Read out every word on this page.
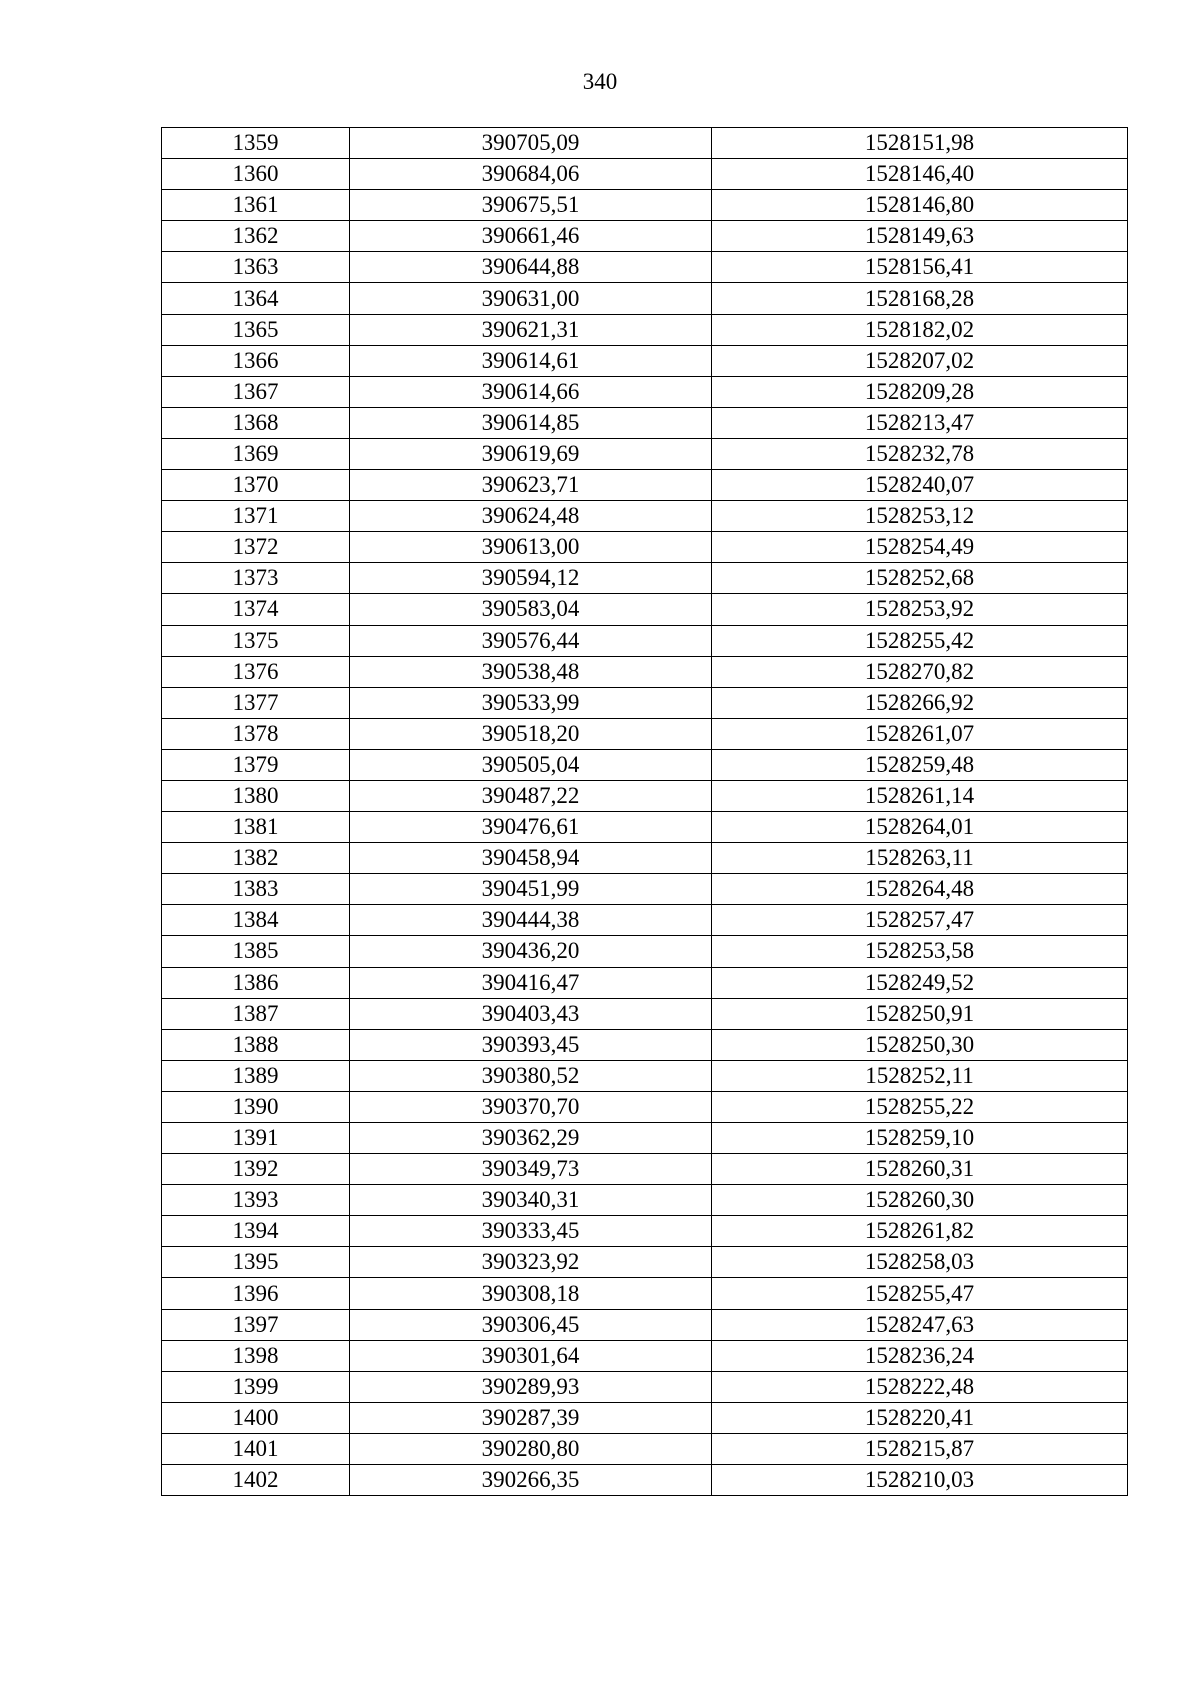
340
1359	390705,09	1528151,98
1360	390684,06	1528146,40
1361	390675,51	1528146,80
1362	390661,46	1528149,63
1363	390644,88	1528156,41
1364	390631,00	1528168,28
1365	390621,31	1528182,02
1366	390614,61	1528207,02
1367	390614,66	1528209,28
1368	390614,85	1528213,47
1369	390619,69	1528232,78
1370	390623,71	1528240,07
1371	390624,48	1528253,12
1372	390613,00	1528254,49
1373	390594,12	1528252,68
1374	390583,04	1528253,92
1375	390576,44	1528255,42
1376	390538,48	1528270,82
1377	390533,99	1528266,92
1378	390518,20	1528261,07
1379	390505,04	1528259,48
1380	390487,22	1528261,14
1381	390476,61	1528264,01
1382	390458,94	1528263,11
1383	390451,99	1528264,48
1384	390444,38	1528257,47
1385	390436,20	1528253,58
1386	390416,47	1528249,52
1387	390403,43	1528250,91
1388	390393,45	1528250,30
1389	390380,52	1528252,11
1390	390370,70	1528255,22
1391	390362,29	1528259,10
1392	390349,73	1528260,31
1393	390340,31	1528260,30
1394	390333,45	1528261,82
1395	390323,92	1528258,03
1396	390308,18	1528255,47
1397	390306,45	1528247,63
1398	390301,64	1528236,24
1399	390289,93	1528222,48
1400	390287,39	1528220,41
1401	390280,80	1528215,87
1402	390266,35	1528210,03
